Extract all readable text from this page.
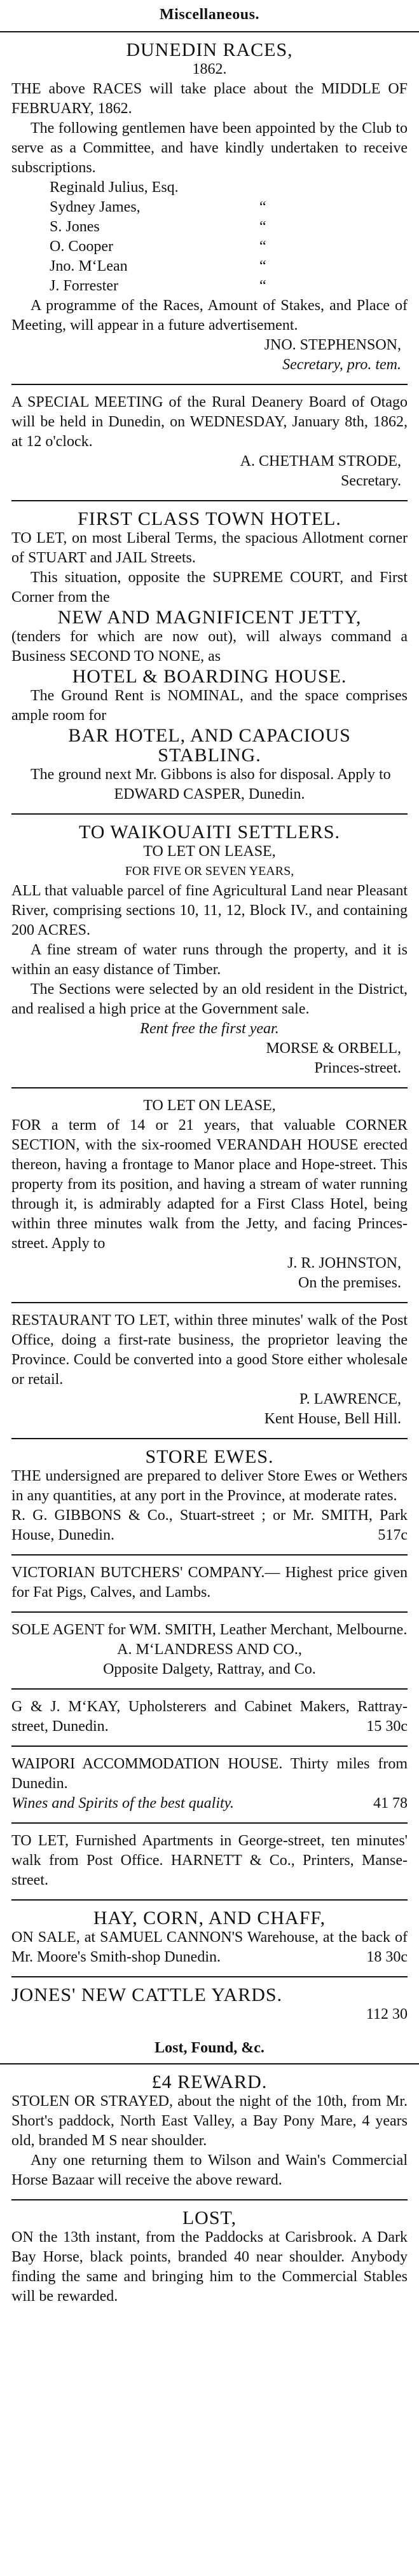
Miscellaneous.
DUNEDIN RACES,
1862.
THE above RACES will take place about the MIDDLE OF FEBRUARY, 1862.
The following gentlemen have been appointed by the Club to serve as a Committee, and have kindly undertaken to receive subscriptions.
Reginald Julius, Esq.
Sydney James,	“
S. Jones	“
O. Cooper	“
Jno. M‘Lean	“
J. Forrester	“
A programme of the Races, Amount of Stakes, and Place of Meeting, will appear in a future advertisement.
JNO. STEPHENSON,
Secretary, pro. tem.
A SPECIAL MEETING of the Rural Deanery Board of Otago will be held in Dunedin, on WEDNESDAY, January 8th, 1862, at 12 o'clock.
A. CHETHAM STRODE,
Secretary.
FIRST CLASS TOWN HOTEL.
TO LET, on most Liberal Terms, the spacious Allotment corner of STUART and JAIL Streets.
This situation, opposite the SUPREME COURT, and First Corner from the
NEW AND MAGNIFICENT JETTY,
(tenders for which are now out), will always command a Business SECOND TO NONE, as
HOTEL & BOARDING HOUSE.
The Ground Rent is NOMINAL, and the space comprises ample room for
BAR HOTEL, AND CAPACIOUS
STABLING.
The ground next Mr. Gibbons is also for disposal. Apply to
EDWARD CASPER, Dunedin.
TO WAIKOUAITI SETTLERS.
TO LET ON LEASE,
FOR FIVE OR SEVEN YEARS,
ALL that valuable parcel of fine Agricultural Land near Pleasant River, comprising sections 10, 11, 12, Block IV., and containing 200 ACRES.
A fine stream of water runs through the property, and it is within an easy distance of Timber.
The Sections were selected by an old resident in the District, and realised a high price at the Government sale.
Rent free the first year.
MORSE & ORBELL,
Princes-street.
TO LET ON LEASE,
FOR a term of 14 or 21 years, that valuable CORNER SECTION, with the six-roomed VERANDAH HOUSE erected thereon, having a frontage to Manor place and Hope-street. This property from its position, and having a stream of water running through it, is admirably adapted for a First Class Hotel, being within three minutes walk from the Jetty, and facing Princes-street. Apply to
J. R. JOHNSTON,
On the premises.
RESTAURANT TO LET, within three minutes' walk of the Post Office, doing a first-rate business, the proprietor leaving the Province. Could be converted into a good Store either wholesale or retail.
P. LAWRENCE,
Kent House, Bell Hill.
STORE EWES.
THE undersigned are prepared to deliver Store Ewes or Wethers in any quantities, at any port in the Province, at moderate rates.
R. G. GIBBONS & Co., Stuart-street ; or Mr. SMITH, Park House, Dunedin.	517c
VICTORIAN BUTCHERS' COMPANY.— Highest price given for Fat Pigs, Calves, and Lambs.
SOLE AGENT for WM. SMITH, Leather Merchant, Melbourne.
A. M‘LANDRESS AND CO.,
Opposite Dalgety, Rattray, and Co.
G & J. M‘KAY, Upholsterers and Cabinet Makers, Rattray-street, Dunedin.	15 30c
WAIPORI ACCOMMODATION HOUSE. Thirty miles from Dunedin.
Wines and Spirits of the best quality.	41 78
TO LET, Furnished Apartments in George-street, ten minutes' walk from Post Office. HARNETT & Co., Printers, Manse-street.
HAY, CORN, AND CHAFF,
ON SALE, at SAMUEL CANNON'S Warehouse, at the back of Mr. Moore's Smith-shop Dunedin.	18 30c
JONES' NEW CATTLE YARDS.
112 30
Lost, Found, &c.
£4 REWARD.
STOLEN OR STRAYED, about the night of the 10th, from Mr. Short's paddock, North East Valley, a Bay Pony Mare, 4 years old, branded M S near shoulder.
Any one returning them to Wilson and Wain's Commercial Horse Bazaar will receive the above reward.
LOST,
ON the 13th instant, from the Paddocks at Carisbrook. A Dark Bay Horse, black points, branded 40 near shoulder. Anybody finding the same and bringing him to the Commercial Stables will be rewarded.
